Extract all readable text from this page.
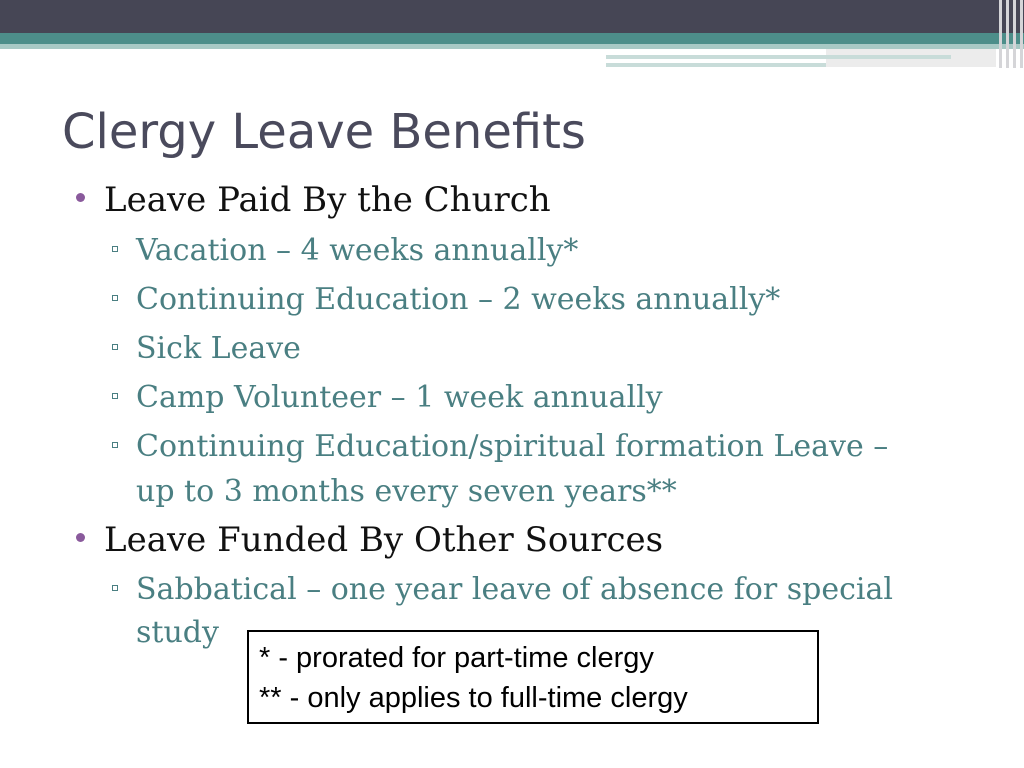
Clergy Leave Benefits
Leave Paid By the Church
Vacation – 4 weeks annually*
Continuing Education – 2 weeks annually*
Sick Leave
Camp Volunteer – 1 week annually
Continuing Education/spiritual formation Leave –
up to 3 months every seven years**
Leave Funded By Other Sources
Sabbatical – one year leave of absence for special
study
* - prorated for part-time clergy
** - only applies to full-time clergy
